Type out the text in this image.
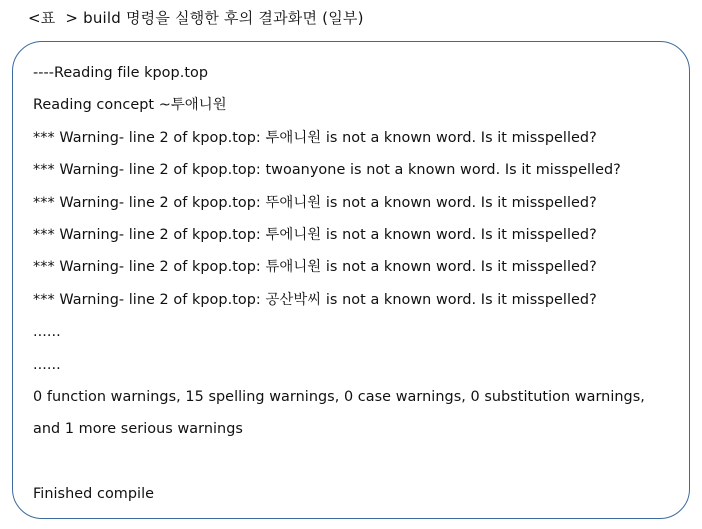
<표  > build 명령을 실행한 후의 결과화면 (일부)
----Reading file kpop.top
Reading concept ~투애니원
*** Warning- line 2 of kpop.top: 투애니원 is not a known word. Is it misspelled?
*** Warning- line 2 of kpop.top: twoanyone is not a known word. Is it misspelled?
*** Warning- line 2 of kpop.top: 뚜애니원 is not a known word. Is it misspelled?
*** Warning- line 2 of kpop.top: 투에니원 is not a known word. Is it misspelled?
*** Warning- line 2 of kpop.top: 튜애니원 is not a known word. Is it misspelled?
*** Warning- line 2 of kpop.top: 공산박씨 is not a known word. Is it misspelled?
......
......
0 function warnings, 15 spelling warnings, 0 case warnings, 0 substitution warnings,
and 1 more serious warnings
Finished compile
